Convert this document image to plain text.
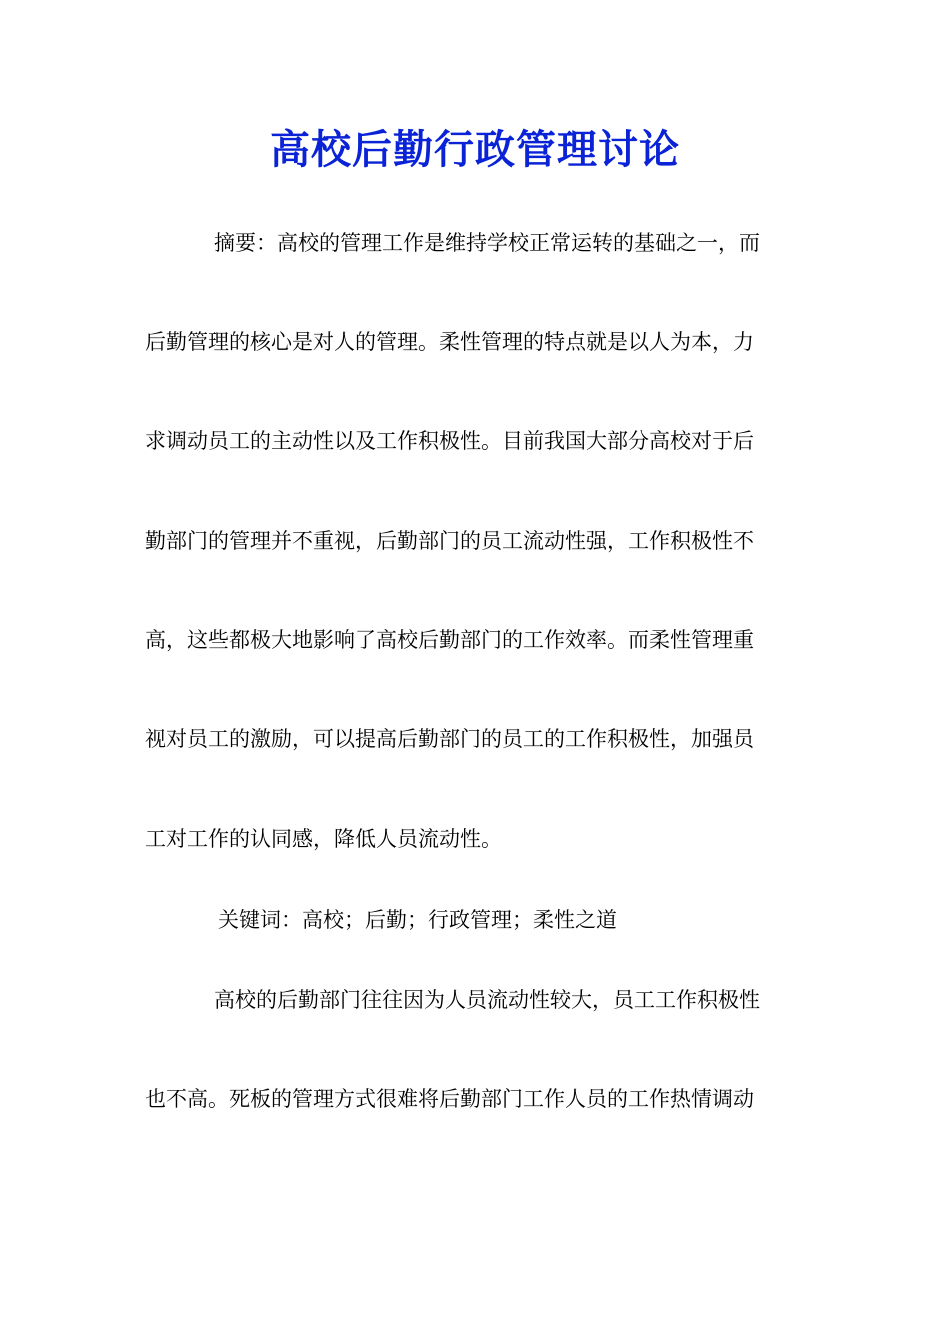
高校后勤行政管理讨论
摘要：高校的管理工作是维持学校正常运转的基础之一，而
后勤管理的核心是对人的管理。柔性管理的特点就是以人为本，力
求调动员工的主动性以及工作积极性。目前我国大部分高校对于后
勤部门的管理并不重视，后勤部门的员工流动性强，工作积极性不
高，这些都极大地影响了高校后勤部门的工作效率。而柔性管理重
视对员工的激励，可以提高后勤部门的员工的工作积极性，加强员
工对工作的认同感，降低人员流动性。
关键词：高校；后勤；行政管理；柔性之道
高校的后勤部门往往因为人员流动性较大，员工工作积极性
也不高。死板的管理方式很难将后勤部门工作人员的工作热情调动
